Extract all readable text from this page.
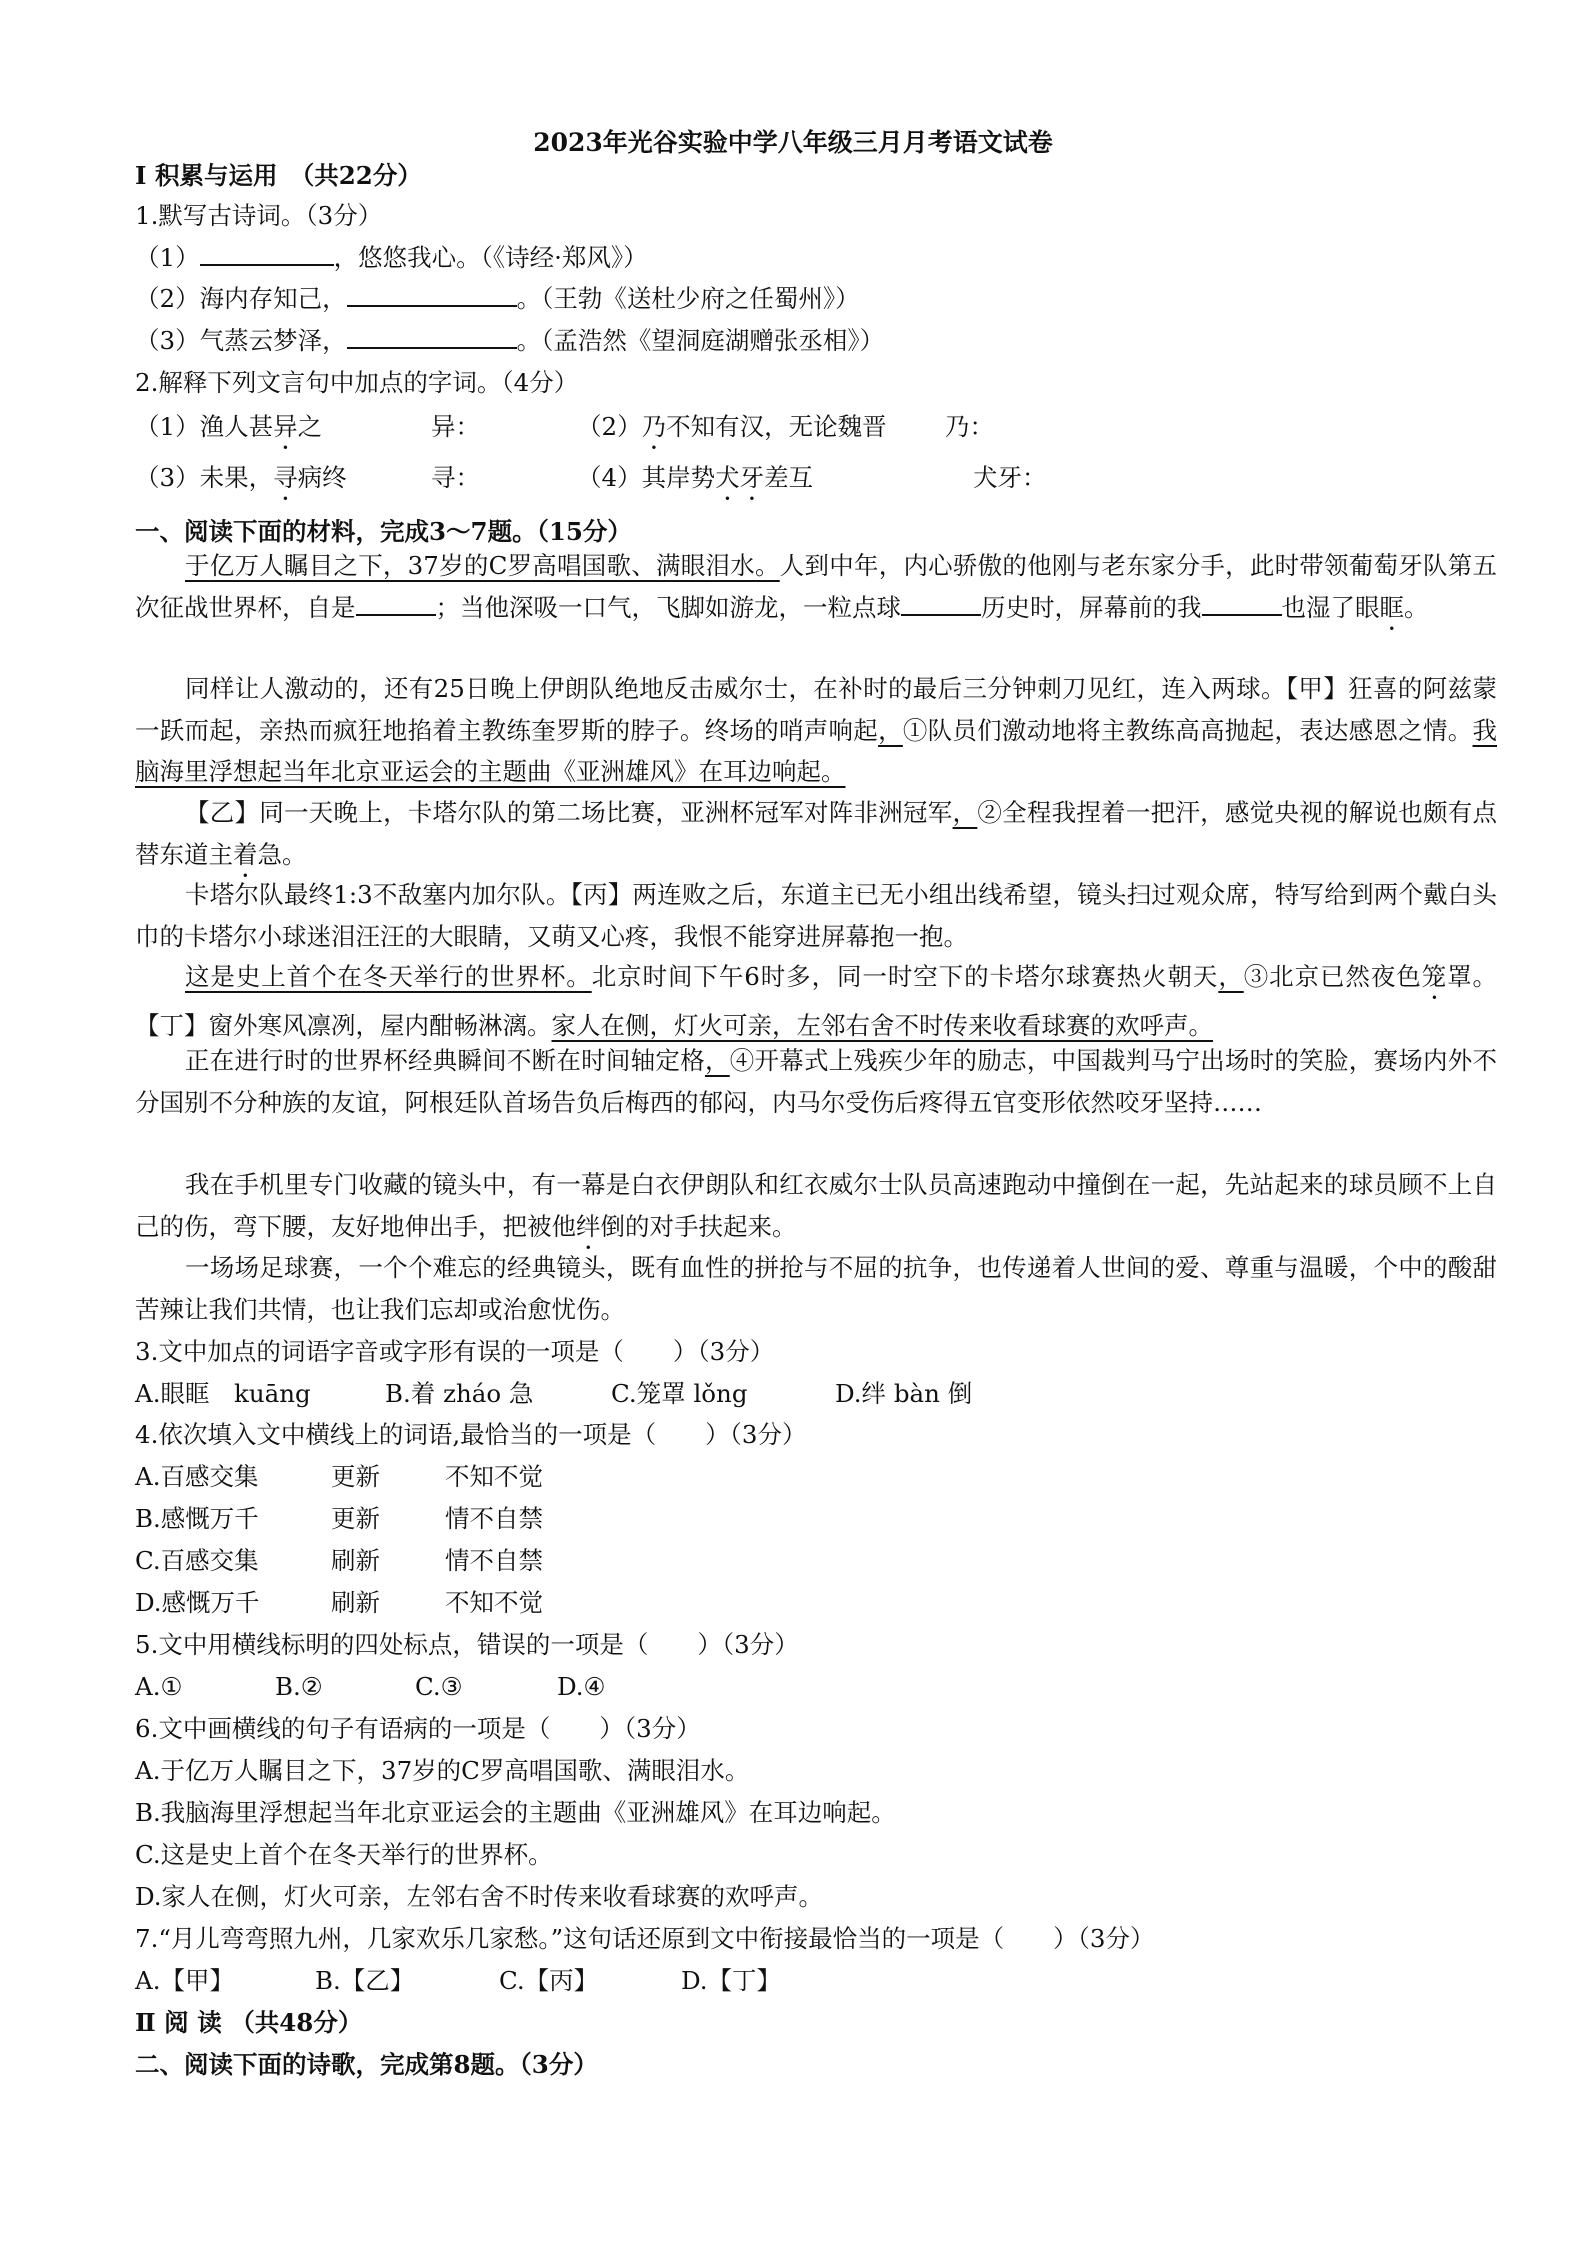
2023年光谷实验中学八年级三月月考语文试卷
Ⅰ 积累与运用　（共22分）
1.默写古诗词。（3分）
（1）	，悠悠我心。（《诗经·郑风》）
（2）海内存知己，	。（王勃《送杜少府之任蜀州》）
（3）气蒸云梦泽，	。（孟浩然《望洞庭湖赠张丞相》）
2.解释下列文言句中加点的字词。（4分）
（1）渔人甚异之	异：	（2）乃不知有汉，无论魏晋 乃：
（3）未果，寻病终	寻：	（4）其岸势犬牙差互	犬牙：
一、阅读下面的材料，完成3～7题。（15分）
于亿万人瞩目之下，37岁的C罗高唱国歌、满眼泪水。人到中年，内心骄傲的他刚与老东家分手，此时带领葡萄牙队第五次征战世界杯，自是	；当他深吸一口气，飞脚如游龙，一粒点球	历史时，屏幕前的我	也湿了眼眶。
同样让人激动的，还有25日晚上伊朗队绝地反击威尔士，在补时的最后三分钟刺刀见红，连入两球。【甲】狂喜的阿兹蒙一跃而起，亲热而疯狂地掐着主教练奎罗斯的脖子。终场的哨声响起，①队员们激动地将主教练高高抛起，表达感恩之情。我脑海里浮想起当年北京亚运会的主题曲《亚洲雄风》在耳边响起。
【乙】同一天晚上，卡塔尔队的第二场比赛，亚洲杯冠军对阵非洲冠军，②全程我捏着一把汗，感觉央视的解说也颇有点替东道主着急。
卡塔尔队最终1:3不敌塞内加尔队。【丙】两连败之后，东道主已无小组出线希望，镜头扫过观众席，特写给到两个戴白头巾的卡塔尔小球迷泪汪汪的大眼睛，又萌又心疼，我恨不能穿进屏幕抱一抱。
这是史上首个在冬天举行的世界杯。北京时间下午6时多，同一时空下的卡塔尔球赛热火朝天，③北京已然夜色笼罩。【丁】窗外寒风凛冽，屋内酣畅淋漓。家人在侧，灯火可亲，左邻右舍不时传来收看球赛的欢呼声。
正在进行时的世界杯经典瞬间不断在时间轴定格，④开幕式上残疾少年的励志，中国裁判马宁出场时的笑脸，赛场内外不分国别不分种族的友谊，阿根廷队首场告负后梅西的郁闷，内马尔受伤后疼得五官变形依然咬牙坚持……
我在手机里专门收藏的镜头中，有一幕是白衣伊朗队和红衣威尔士队员高速跑动中撞倒在一起，先站起来的球员顾不上自己的伤，弯下腰，友好地伸出手，把被他绊倒的对手扶起来。
一场场足球赛，一个个难忘的经典镜头，既有血性的拼抢与不屈的抗争，也传递着人世间的爱、尊重与温暖，个中的酸甜苦辣让我们共情，也让我们忘却或治愈忧伤。
3.文中加点的词语字音或字形有误的一项是（　　）（3分）
A.眼眶　kuāng	B.着 zháo 急	C.笼罩 lǒng	D.绊 bàn 倒
4.依次填入文中横线上的词语,最恰当的一项是（　　）（3分）
A.百感交集	更新	不知不觉
B.感慨万千	更新	情不自禁
C.百感交集	刷新	情不自禁
D.感慨万千	刷新	不知不觉
5.文中用横线标明的四处标点，错误的一项是（　　）（3分）
A.①	B.②	C.③	D.④
6.文中画横线的句子有语病的一项是（　　）（3分）
A.于亿万人瞩目之下，37岁的C罗高唱国歌、满眼泪水。
B.我脑海里浮想起当年北京亚运会的主题曲《亚洲雄风》在耳边响起。
C.这是史上首个在冬天举行的世界杯。
D.家人在侧，灯火可亲，左邻右舍不时传来收看球赛的欢呼声。
7.“月儿弯弯照九州，几家欢乐几家愁。”这句话还原到文中衔接最恰当的一项是（　　）（3分）
A.【甲】	B.【乙】	C.【丙】	D.【丁】
Ⅱ 阅 读 （共48分）
二、阅读下面的诗歌，完成第8题。（3分）
